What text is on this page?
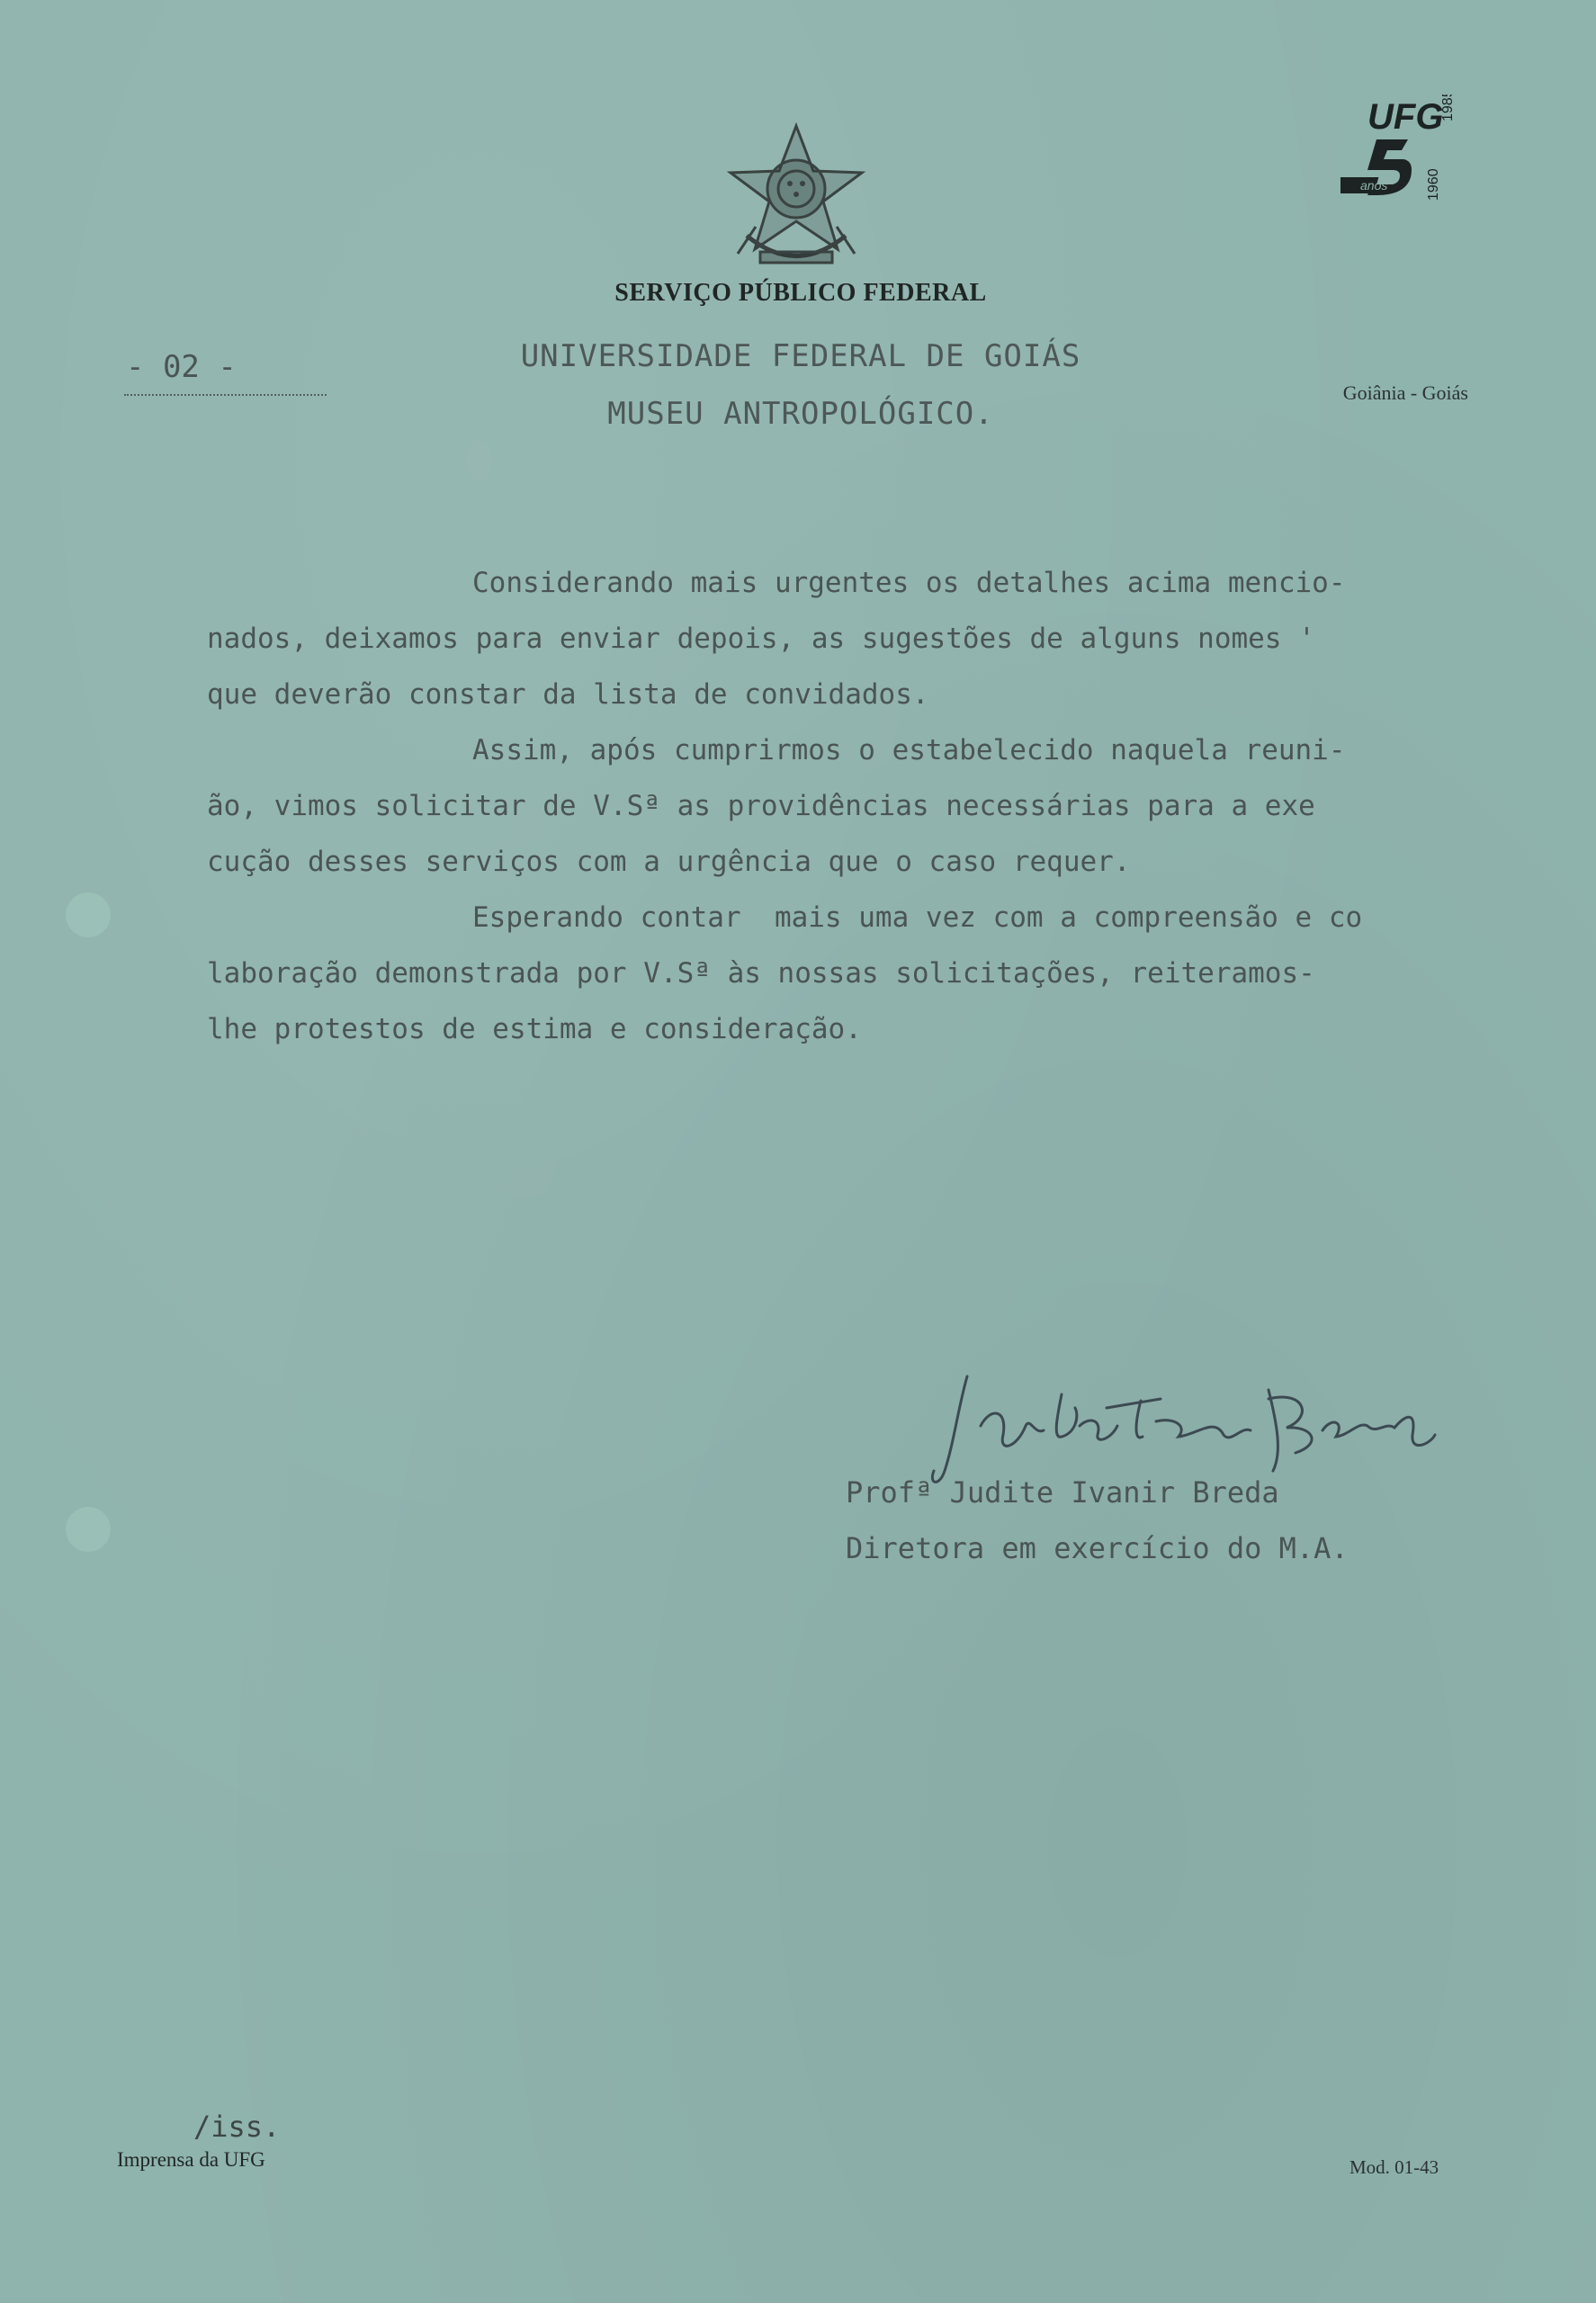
- 02 -
SERVIÇO PÚBLICO FEDERAL
UNIVERSIDADE FEDERAL DE GOIÁS
MUSEU ANTROPOLÓGICO.
Goiânia - Goiás
UFG
anos
1985
1960

Considerando mais urgentes os detalhes acima mencio-

nados, deixamos para enviar depois, as sugestões de alguns nomes '

que deverão constar da lista de convidados.

Assim, após cumprirmos o estabelecido naquela reuni-

ão, vimos solicitar de V.Sª as providências necessárias para a exe

cução desses serviços com a urgência que o caso requer.

Esperando contar  mais uma vez com a compreensão e co

laboração demonstrada por V.Sª às nossas solicitações, reiteramos-

lhe protestos de estima e consideração.

Profª Judite Ivanir Breda
Diretora em exercício do M.A.
/iss.
Imprensa da UFG	Mod. 01-43
